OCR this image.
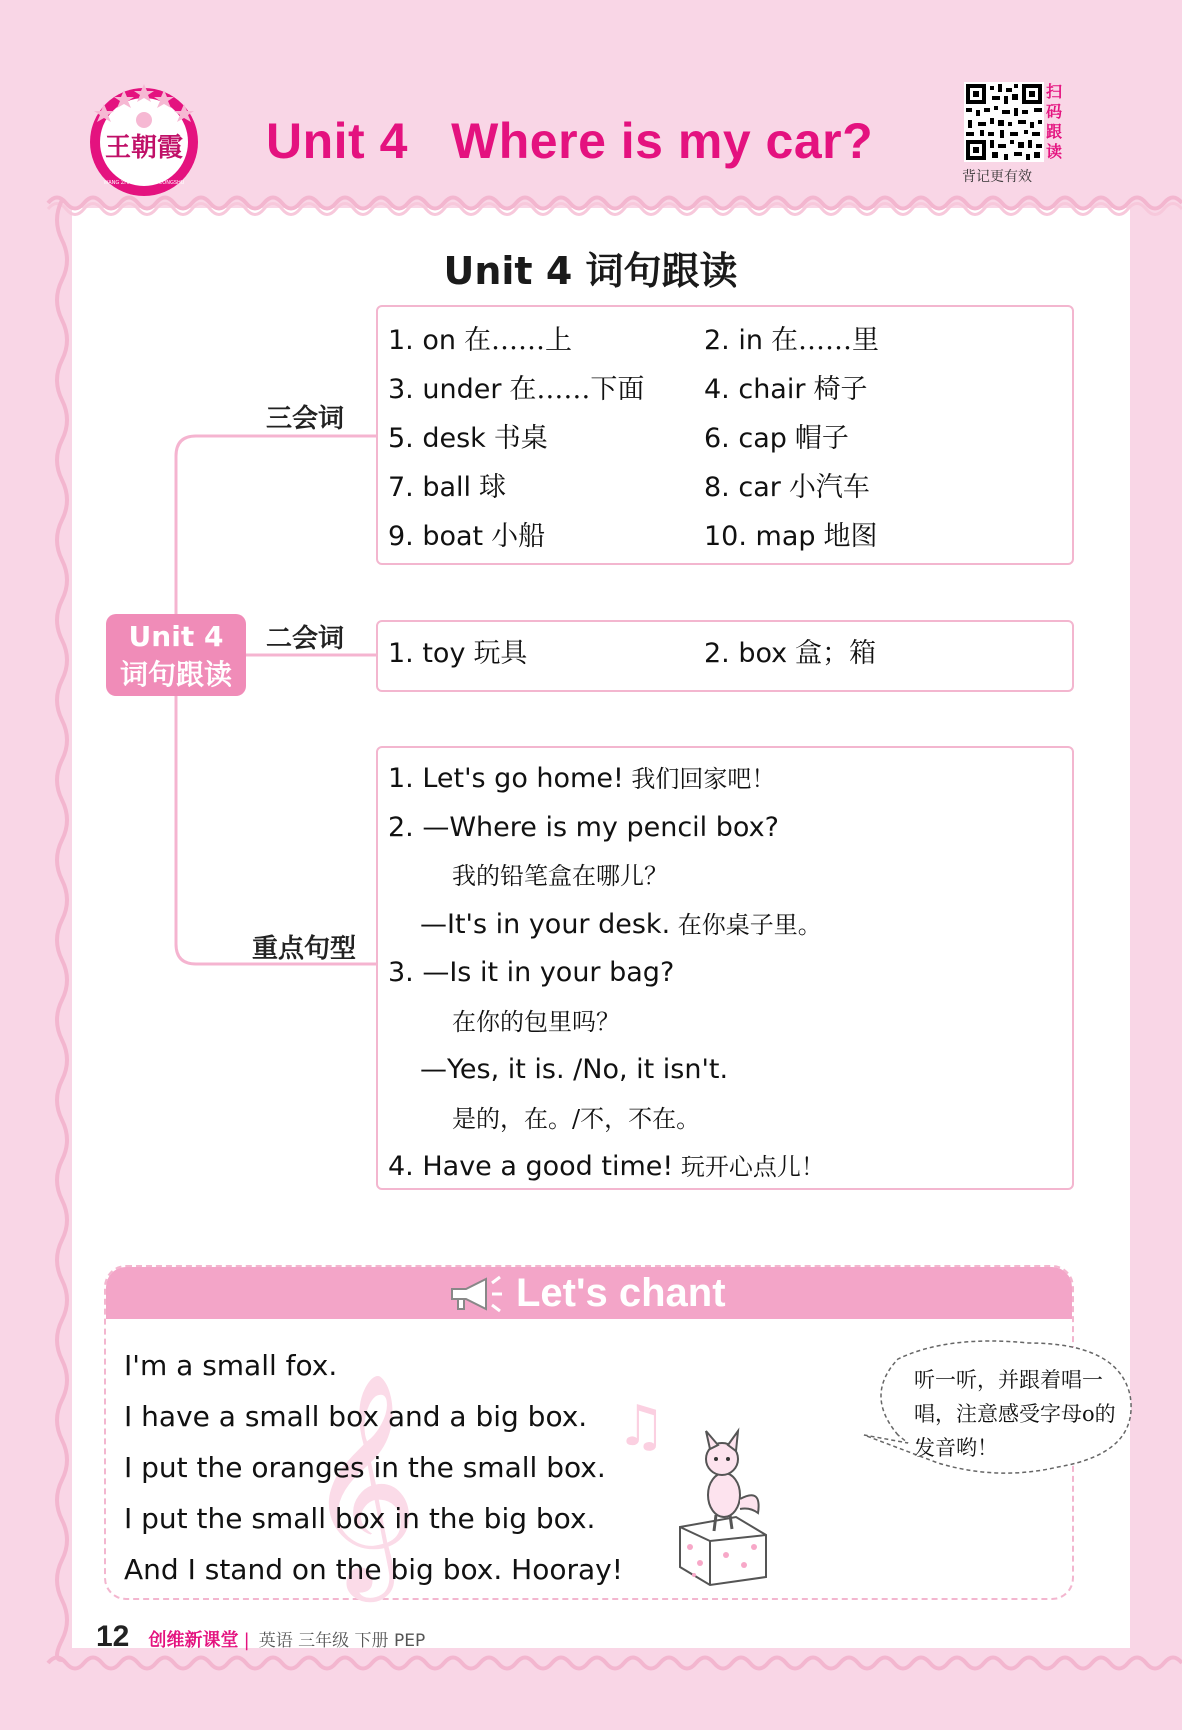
王朝霞
WANG ZHAOXIA XILIE CONGSHU
Unit 4   Where is my car?
扫
码
跟
读
背记更有效
Unit 4 词句跟读
Unit 4
词句跟读
三会词
二会词
重点句型
1. on 在……上	2. in 在……里
3. under 在……下面	4. chair 椅子
5. desk 书桌	6. cap 帽子
7. ball 球	8. car 小汽车
9. boat 小船	10. map 地图
1. toy 玩具	2. box 盒；箱
1. Let's go home! 我们回家吧！
2. —Where is my pencil box?
我的铅笔盒在哪儿？
—It's in your desk. 在你桌子里。
3. —Is it in your bag?
在你的包里吗？
—Yes, it is. /No, it isn't.
是的，在。/不，不在。
4. Have a good time! 玩开心点儿！
Let's chant
𝄞	♫
I'm a small fox.
I have a small box and a big box.
I put the oranges in the small box.
I put the small box in the big box.
And I stand on the big box. Hooray!
听一听，并跟着唱一唱，注意感受字母o的发音哟！
12 创维新课堂 | 英语 三年级 下册 PEP
